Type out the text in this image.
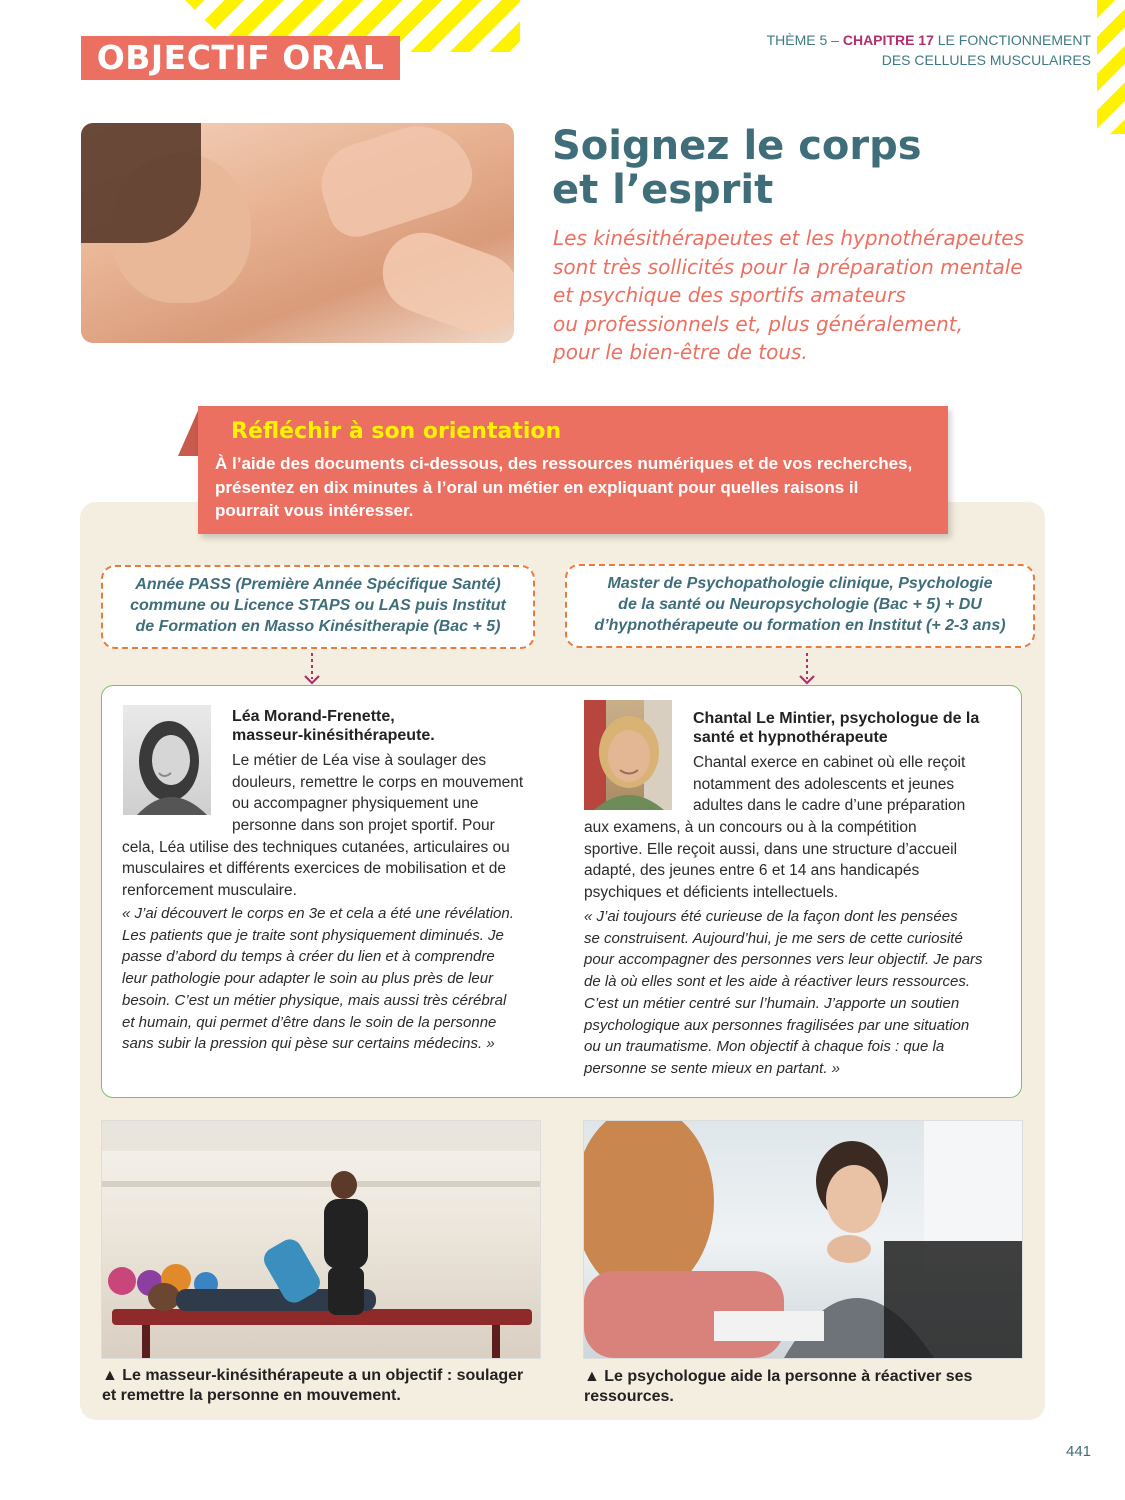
OBJECTIF ORAL	THÈME 5 – CHAPITRE 17 LE FONCTIONNEMENT
DES CELLULES MUSCULAIRES
Soignez le corps
et l’esprit
Les kinésithérapeutes et les hypnothérapeutes
sont très sollicités pour la préparation mentale
et psychique des sportifs amateurs
ou professionnels et, plus généralement,
pour le bien-être de tous.
Réfléchir à son orientation
À l’aide des documents ci-dessous, des ressources numériques et de vos recherches,
présentez en dix minutes à l’oral un métier en expliquant pour quelles raisons il
pourrait vous intéresser.
Année PASS (Première Année Spécifique Santé)
commune ou Licence STAPS ou LAS puis Institut
de Formation en Masso Kinésitherapie (Bac + 5)
Master de Psychopathologie clinique, Psychologie
de la santé ou Neuropsychologie (Bac + 5) + DU
d’hypnothérapeute ou formation en Institut (+ 2-3 ans)
Léa Morand-Frenette,
masseur-kinésithérapeute.
Le métier de Léa vise à soulager des
douleurs, remettre le corps en mouvement
ou accompagner physiquement une
personne dans son projet sportif. Pour
cela, Léa utilise des techniques cutanées, articulaires ou
musculaires et différents exercices de mobilisation et de
renforcement musculaire.
« J’ai découvert le corps en 3e et cela a été une révélation.
Les patients que je traite sont physiquement diminués. Je
passe d’abord du temps à créer du lien et à comprendre
leur pathologie pour adapter le soin au plus près de leur
besoin. C’est un métier physique, mais aussi très cérébral
et humain, qui permet d’être dans le soin de la personne
sans subir la pression qui pèse sur certains médecins. »
Chantal Le Mintier, psychologue de la
santé et hypnothérapeute
Chantal exerce en cabinet où elle reçoit
notamment des adolescents et jeunes
adultes dans le cadre d’une préparation
aux examens, à un concours ou à la compétition
sportive. Elle reçoit aussi, dans une structure d’accueil
adapté, des jeunes entre 6 et 14 ans handicapés
psychiques et déficients intellectuels.
« J’ai toujours été curieuse de la façon dont les pensées
se construisent. Aujourd’hui, je me sers de cette curiosité
pour accompagner des personnes vers leur objectif. Je pars
de là où elles sont et les aide à réactiver leurs ressources.
C’est un métier centré sur l’humain. J’apporte un soutien
psychologique aux personnes fragilisées par une situation
ou un traumatisme. Mon objectif à chaque fois : que la
personne se sente mieux en partant. »
▲ Le masseur-kinésithérapeute a un objectif : soulager
et remettre la personne en mouvement.
▲ Le psychologue aide la personne à réactiver ses
ressources.
441
